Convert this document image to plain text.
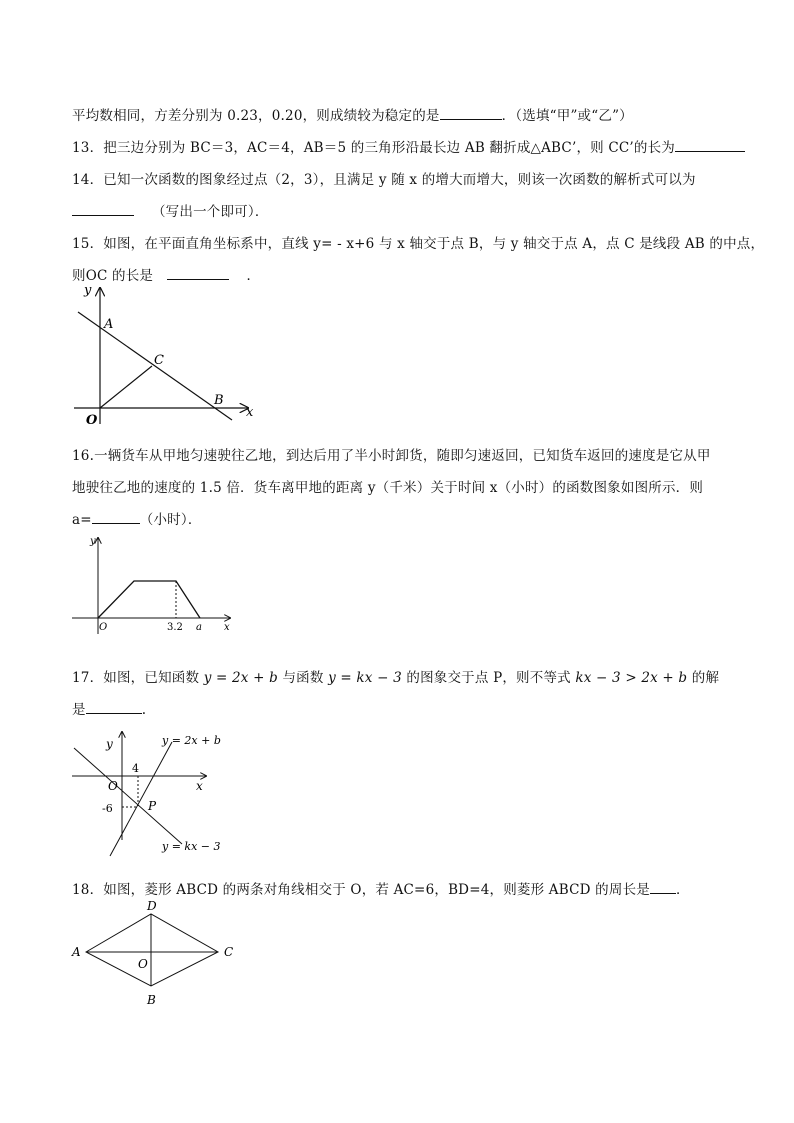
平均数相同，方差分别为 0.23，0.20，则成绩较为稳定的是	．（选填“甲”或“乙”）
13．把三边分别为 BC＝3，AC＝4，AB＝5 的三角形沿最长边 AB 翻折成△ABC’，则 CC’的长为
14．已知一次函数的图象经过点（2，3），且满足 y 随 x 的增大而增大，则该一次函数的解析式可以为
（写出一个即可）．
15．如图，在平面直角坐标系中，直线 y= - x+6 与 x 轴交于点 B，与 y 轴交于点 A，点 C 是线段 AB 的中点，
则OC 的长是	．
y
x
A
C
B
O
16.一辆货车从甲地匀速驶往乙地，到达后用了半小时卸货，随即匀速返回，已知货车返回的速度是它从甲
地驶往乙地的速度的 1.5 倍．货车离甲地的距离 y（千米）关于时间 x（小时）的函数图象如图所示．则
a=	（小时）．
y
x
O	3.2 a
17．如图，已知函数 y = 2x + b 与函数 y = kx − 3 的图象交于点 P，则不等式 kx − 3 > 2x + b 的解
是	.
y
x
O
4
-6	P
y = 2x + b
y = kx − 3
18．如图，菱形 ABCD 的两条对角线相交于 O，若 AC=6，BD=4，则菱形 ABCD 的周长是 ．
A	C
D
B
O
